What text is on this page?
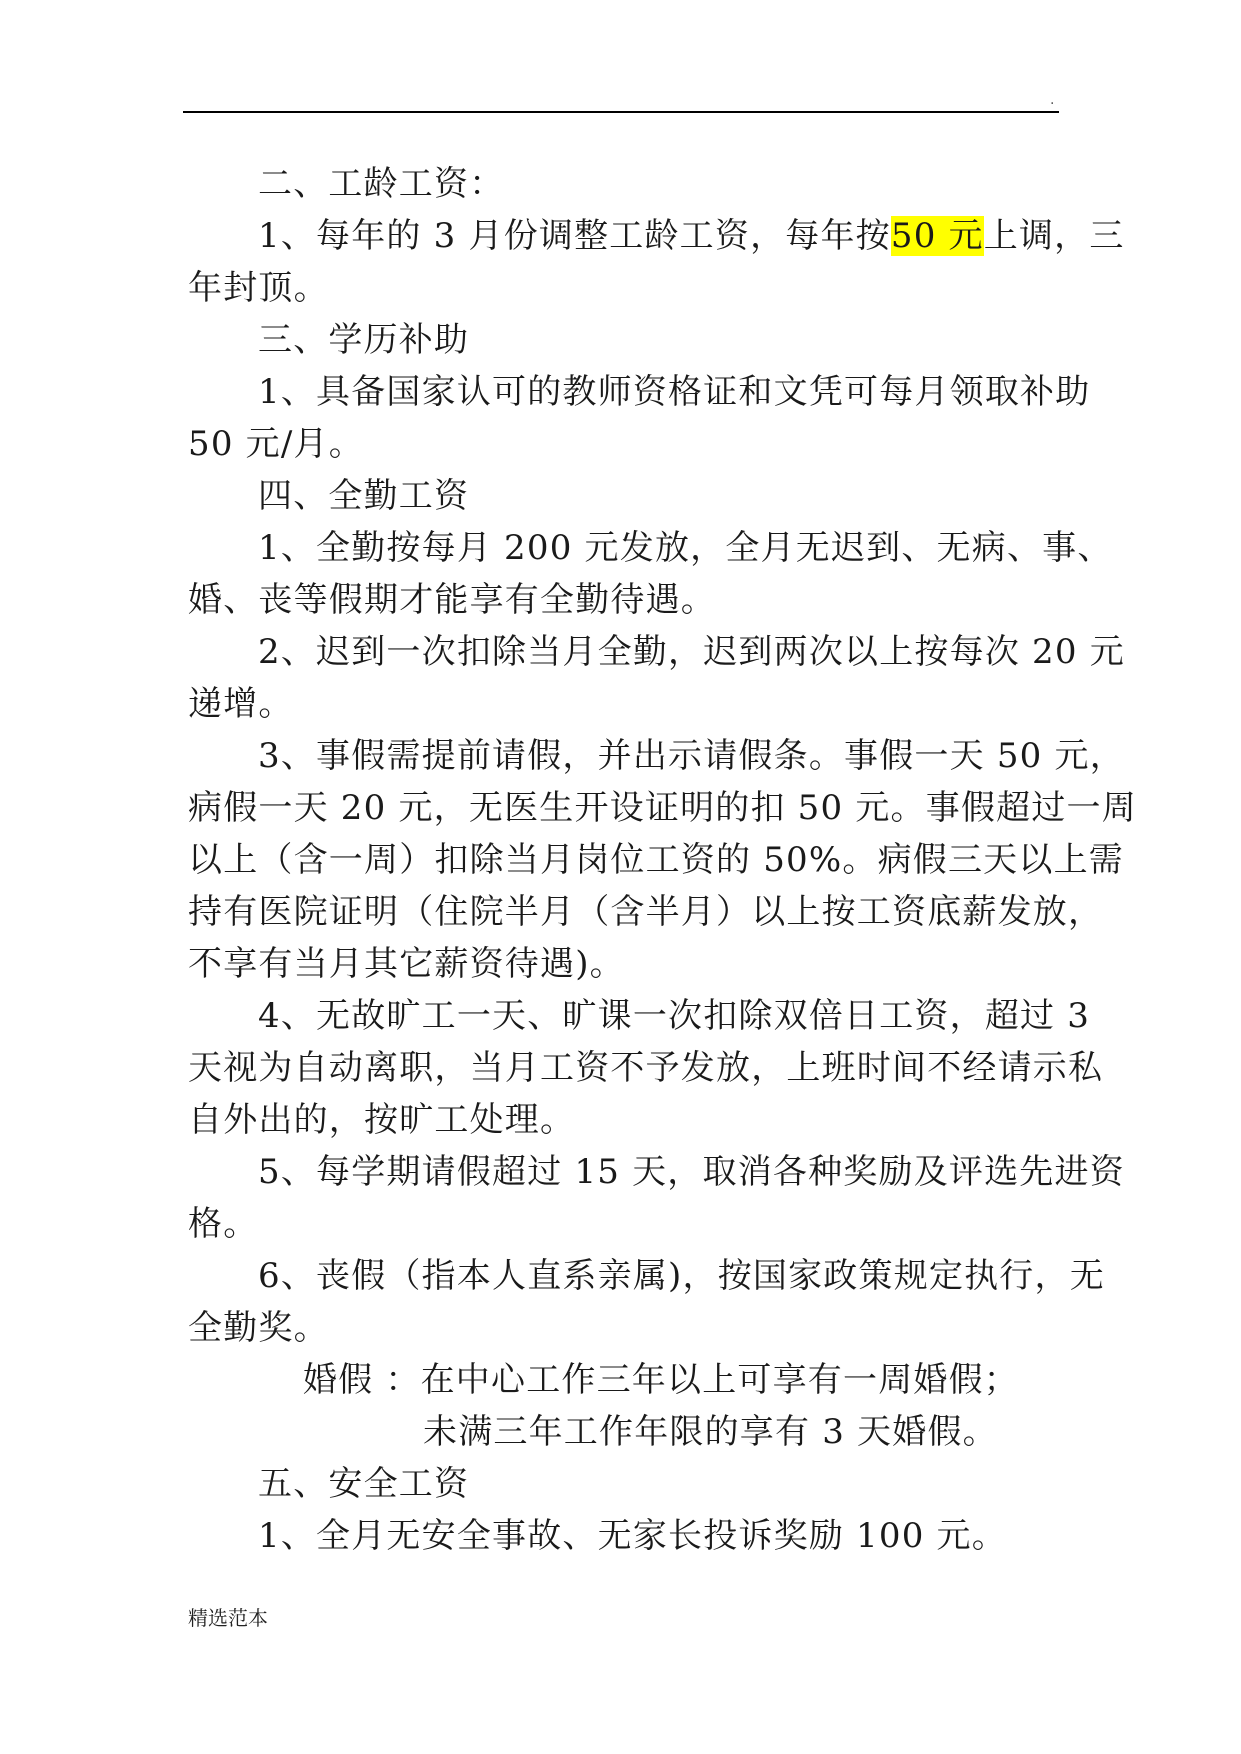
.
二、工龄工资：
1、每年的 3 月份调整工龄工资，每年按50 元上调，三
年封顶。
三、学历补助
1、具备国家认可的教师资格证和文凭可每月领取补助
50 元/月。
四、全勤工资
1、全勤按每月 200 元发放，全月无迟到、无病、事、
婚、丧等假期才能享有全勤待遇。
2、迟到一次扣除当月全勤，迟到两次以上按每次 20 元
递增。
3、事假需提前请假，并出示请假条。事假一天 50 元，
病假一天 20 元，无医生开设证明的扣 50 元。事假超过一周
以上（含一周）扣除当月岗位工资的 50%。病假三天以上需
持有医院证明（住院半月（含半月）以上按工资底薪发放，
不享有当月其它薪资待遇)。
4、无故旷工一天、旷课一次扣除双倍日工资，超过 3
天视为自动离职，当月工资不予发放，上班时间不经请示私
自外出的，按旷工处理。
5、每学期请假超过 15 天，取消各种奖励及评选先进资
格。
6、丧假（指本人直系亲属)，按国家政策规定执行，无
全勤奖。
婚假 ：在中心工作三年以上可享有一周婚假；
未满三年工作年限的享有 3 天婚假。
五、安全工资
1、全月无安全事故、无家长投诉奖励 100 元。
精选范本
